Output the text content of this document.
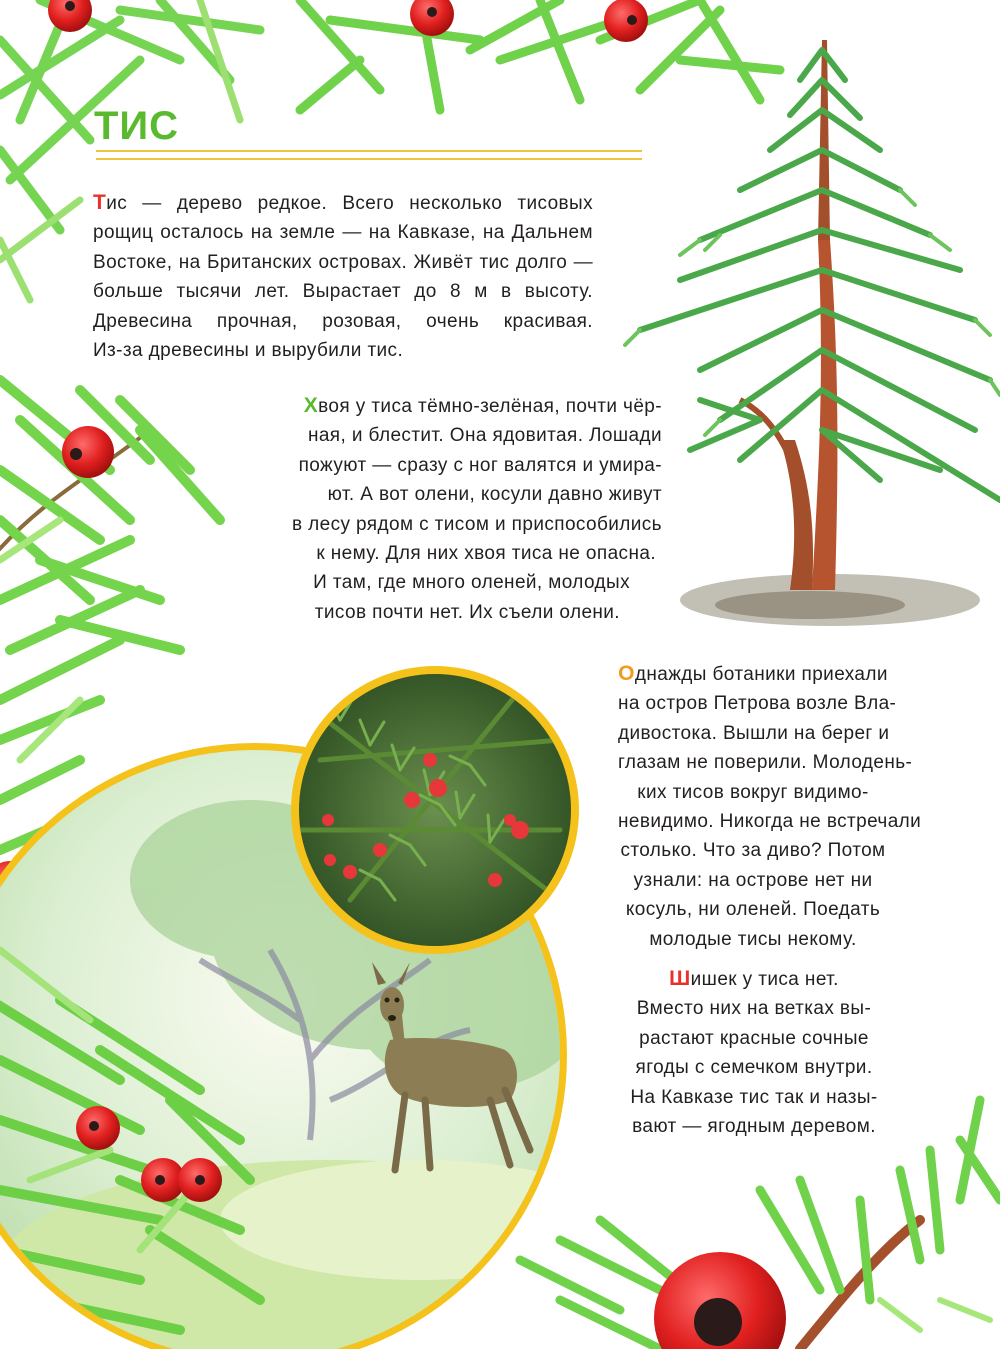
ТИС
Тис — дерево редкое. Всего несколько тисовых
рощиц осталось на земле — на Кавказе, на Дальнем
Востоке, на Британских островах. Живёт тис долго —
больше тысячи лет. Вырастает до 8 м в высоту.
Древесина прочная, розовая, очень красивая.
Из-за древесины и вырубили тис.
Хвоя у тиса тёмно-зелёная, почти чёр-
ная, и блестит. Она ядовитая. Лошади
пожуют — сразу с ног валятся и умира-
ют. А вот олени, косули давно живут
в лесу рядом с тисом и приспособились
к нему. Для них хвоя тиса не опасна.
И там, где много оленей, молодых
тисов почти нет. Их съели олени.
Однажды ботаники приехали
на остров Петрова возле Вла-
дивостока. Вышли на берег и
глазам не поверили. Молодень-
ких тисов вокруг видимо-
невидимо. Никогда не встречали
столько. Что за диво? Потом
узнали: на острове нет ни
косуль, ни оленей. Поедать
молодые тисы некому.
Шишек у тиса нет.
Вместо них на ветках вы-
растают красные сочные
ягоды с семечком внутри.
На Кавказе тис так и назы-
вают — ягодным деревом.
